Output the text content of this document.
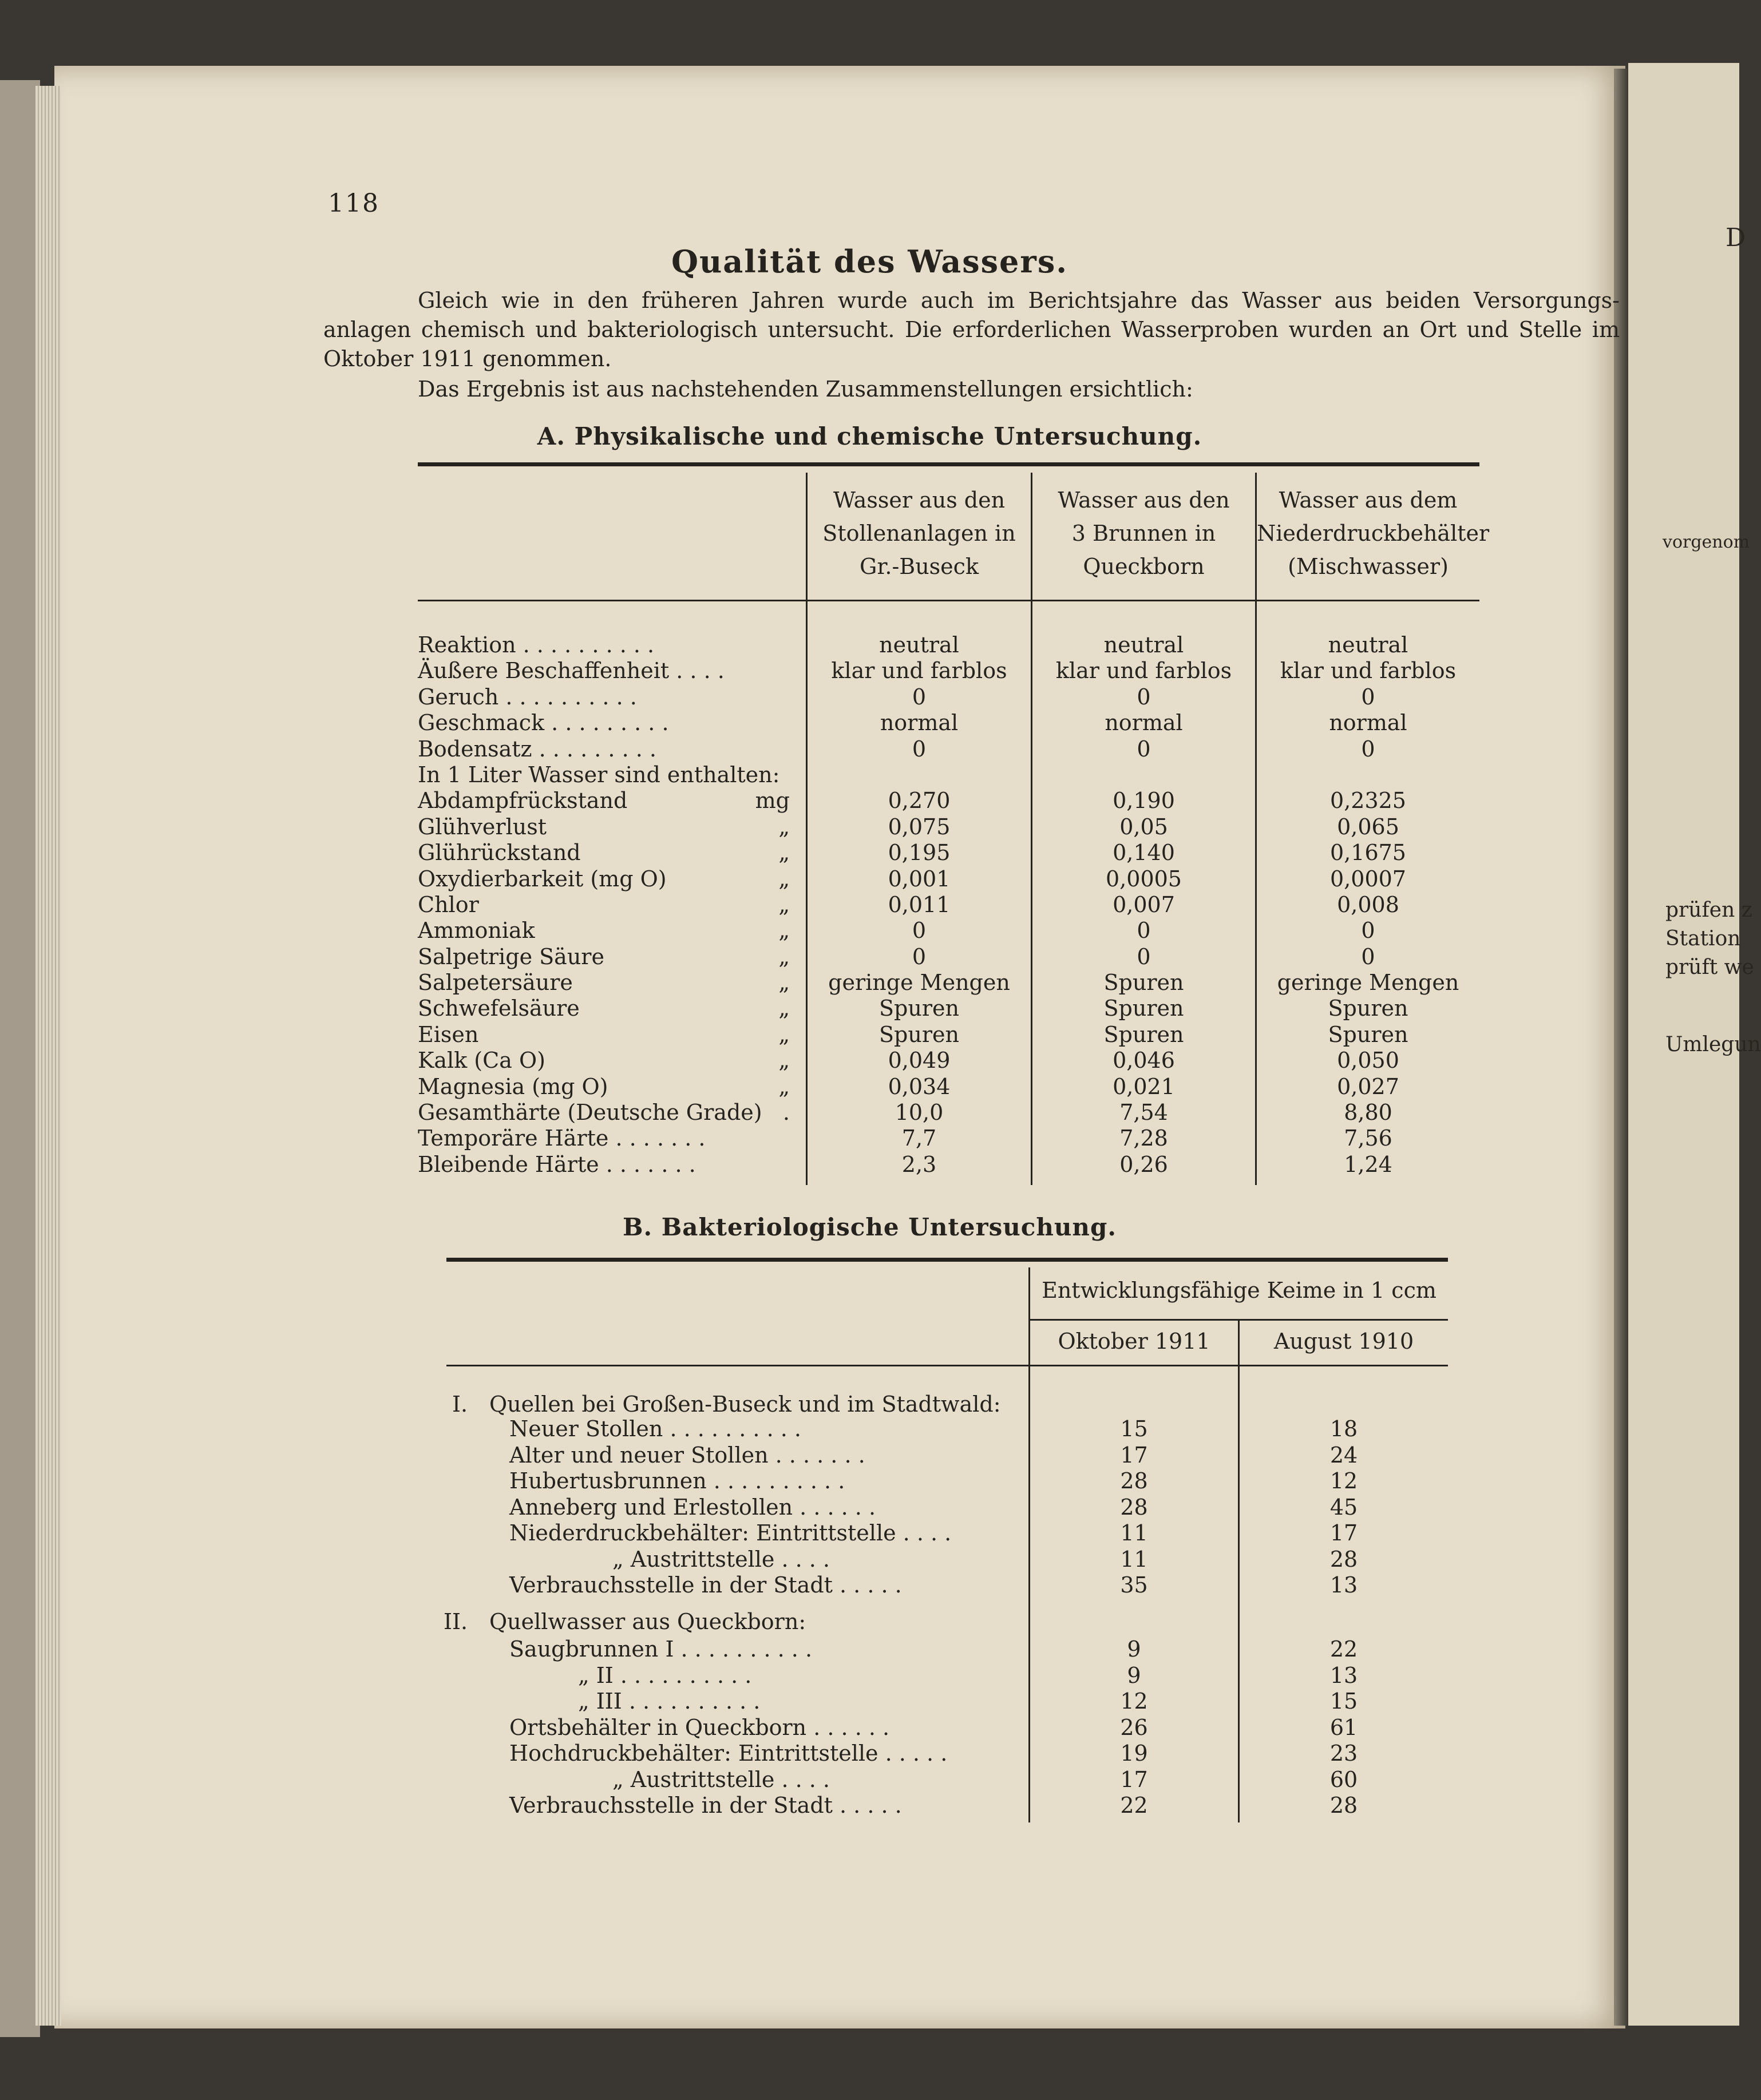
D
vorgenom
prüfen z
Station
prüft we
Umlegun
118
Qualität des Wassers.
Gleich wie in den früheren Jahren wurde auch im Berichtsjahre das Wasser aus beiden Versorgungs- anlagen chemisch und bakteriologisch untersucht. Die erforderlichen Wasserproben wurden an Ort und Stelle im Oktober 1911 genommen.
Das Ergebnis ist aus nachstehenden Zusammenstellungen ersichtlich:
A. Physikalische und chemische Untersuchung.
Wasser aus den
Stollenanlagen in
Gr.-Buseck
Wasser aus den
3 Brunnen in
Queckborn
Wasser aus dem
Niederdruckbehälter
(Mischwasser)
Reaktion . . . . . . . . . .
Äußere Beschaffenheit . . . .
Geruch . . . . . . . . . .
Geschmack . . . . . . . . .
Bodensatz . . . . . . . . .
In 1 Liter Wasser sind enthalten:
Abdampfrückstand
Glühverlust
Glührückstand
Oxydierbarkeit (mg O)
Chlor
Ammoniak
Salpetrige Säure
Salpetersäure
Schwefelsäure
Eisen
Kalk (Ca O)
Magnesia (mg O)
Gesamthärte (Deutsche Grade)
Temporäre Härte . . . . . . .
Bleibende Härte . . . . . . .
mg
„
„
„
„
„
„
„
„
„
„
„
.
neutral
klar und farblos
0
normal
0
0,270
0,075
0,195
0,001
0,011
0
0
geringe Mengen
Spuren
Spuren
0,049
0,034
10,0
7,7
2,3
neutral
klar und farblos
0
normal
0
0,190
0,05
0,140
0,0005
0,007
0
0
Spuren
Spuren
Spuren
0,046
0,021
7,54
7,28
0,26
neutral
klar und farblos
0
normal
0
0,2325
0,065
0,1675
0,0007
0,008
0
0
geringe Mengen
Spuren
Spuren
0,050
0,027
8,80
7,56
1,24
B. Bakteriologische Untersuchung.
Entwicklungsfähige Keime in 1 ccm
Oktober 1911	August 1910
I. Quellen bei Großen-Buseck und im Stadtwald:
Neuer Stollen . . . . . . . . . .
Alter und neuer Stollen . . . . . . .
Hubertusbrunnen . . . . . . . . . .
Anneberg und Erlestollen . . . . . .
Niederdruckbehälter: Eintrittstelle . . . .
„ Austrittstelle . . . .
Verbrauchsstelle in der Stadt . . . . .
15
17
28
28
11
11
35
18
24
12
45
17
28
13
II. Quellwasser aus Queckborn:
Saugbrunnen I . . . . . . . . . .
„ II . . . . . . . . . .
„ III . . . . . . . . . .
Ortsbehälter in Queckborn . . . . . .
Hochdruckbehälter: Eintrittstelle . . . . .
„ Austrittstelle . . . .
Verbrauchsstelle in der Stadt . . . . .
9
9
12
26
19
17
22
22
13
15
61
23
60
28
